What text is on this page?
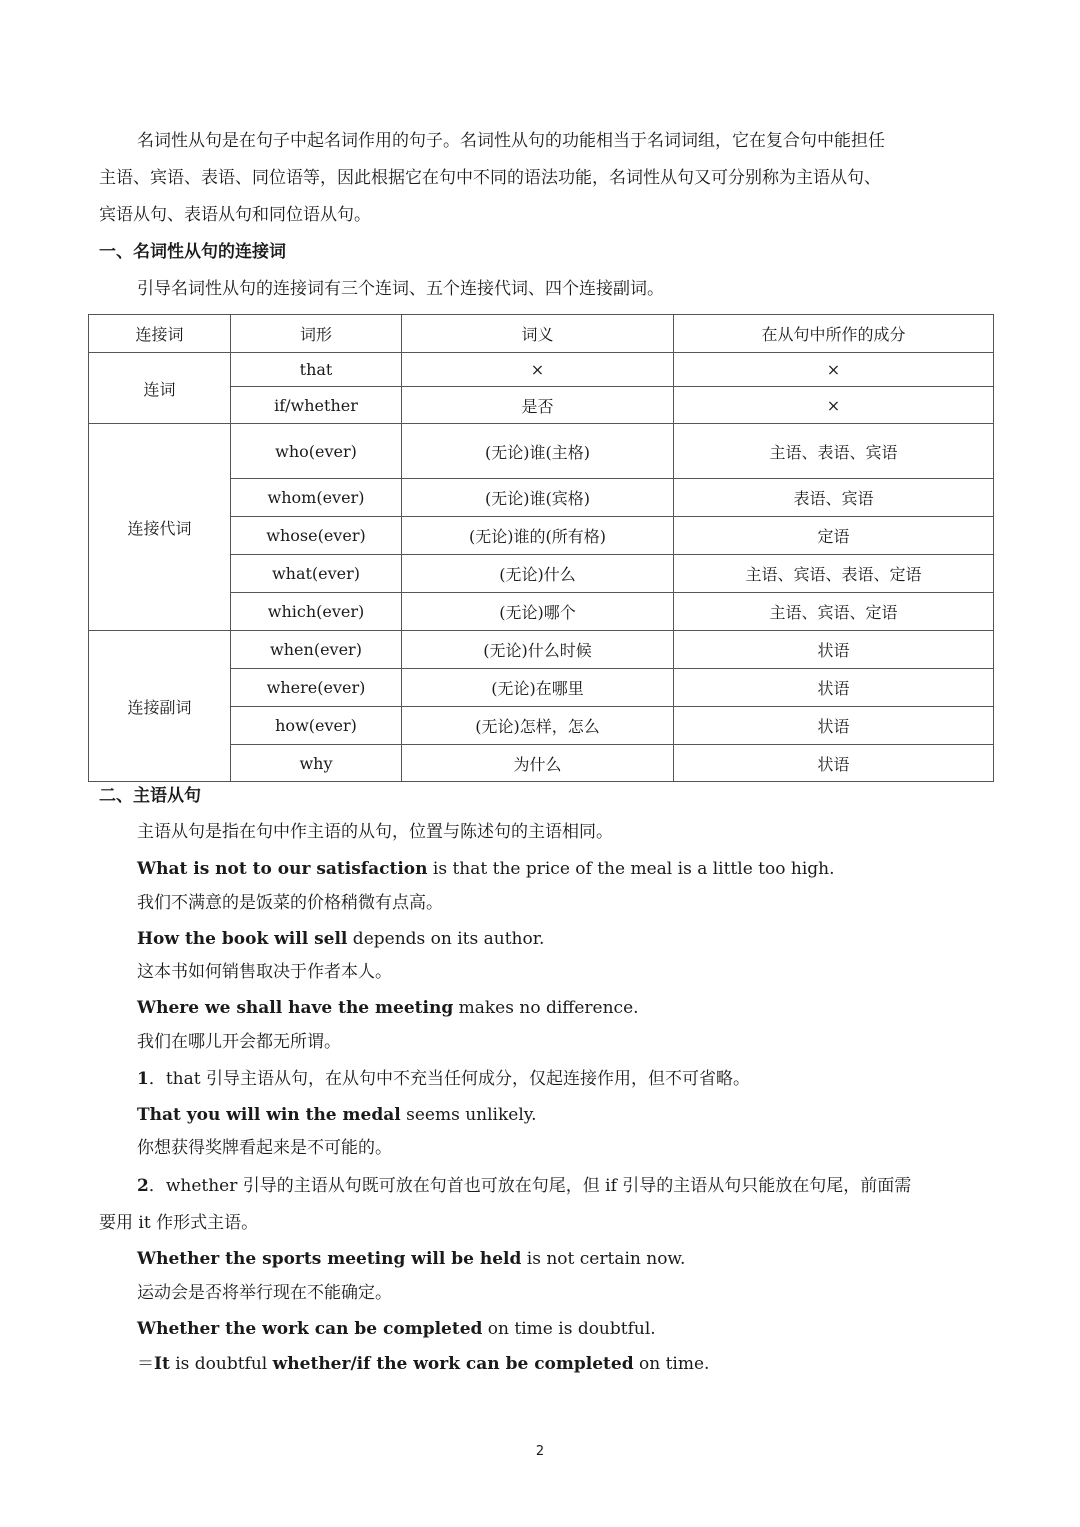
名词性从句是在句子中起名词作用的句子。名词性从句的功能相当于名词词组，它在复合句中能担任
主语、宾语、表语、同位语等，因此根据它在句中不同的语法功能，名词性从句又可分别称为主语从句、
宾语从句、表语从句和同位语从句。
一、名词性从句的连接词
引导名词性从句的连接词有三个连词、五个连接代词、四个连接副词。
连接词	词形	词义	在从句中所作的成分
连词	that	×	×
	if/whether	是否	×
连接代词	who(ever)	(无论)谁(主格)	主语、表语、宾语
	whom(ever)	(无论)谁(宾格)	表语、宾语
	whose(ever)	(无论)谁的(所有格)	定语
	what(ever)	(无论)什么	主语、宾语、表语、定语
	which(ever)	(无论)哪个	主语、宾语、定语
连接副词	when(ever)	(无论)什么时候	状语
	where(ever)	(无论)在哪里	状语
	how(ever)	(无论)怎样，怎么	状语
	why	为什么	状语
二、主语从句
主语从句是指在句中作主语的从句，位置与陈述句的主语相同。
What is not to our satisfaction is that the price of the meal is a little too high.
我们不满意的是饭菜的价格稍微有点高。
How the book will sell depends on its author.
这本书如何销售取决于作者本人。
Where we shall have the meeting makes no difference.
我们在哪儿开会都无所谓。
1．that 引导主语从句，在从句中不充当任何成分，仅起连接作用，但不可省略。
That you will win the medal seems unlikely.
你想获得奖牌看起来是不可能的。
2．whether 引导的主语从句既可放在句首也可放在句尾，但 if 引导的主语从句只能放在句尾，前面需
要用 it 作形式主语。
Whether the sports meeting will be held is not certain now.
运动会是否将举行现在不能确定。
Whether the work can be completed on time is doubtful.
＝It is doubtful whether/if the work can be completed on time.
2
